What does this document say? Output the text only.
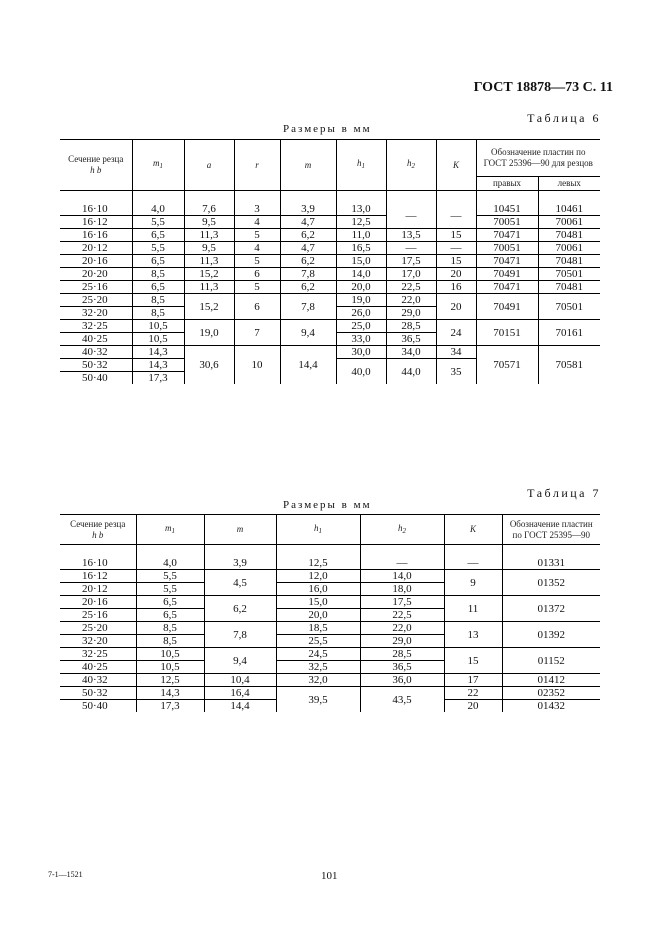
ГОСТ 18878—73 С. 11
Таблица 6
Размеры в мм
Сечение резца
h b	$m_1$	a	r	m	$h_1$	$h_2$	K	Обозначение пластин по ГОСТ 25396—90 для резцов	
								правых	левых

16·10	4,0	7,6	3	3,9	13,0	—	—	10451	10461
16·12	5,5	9,5	4	4,7	12,5			70051	70061
16·16	6,5	11,3	5	6,2	11,0	13,5	15	70471	70481
20·12	5,5	9,5	4	4,7	16,5	—	—	70051	70061
20·16	6,5	11,3	5	6,2	15,0	17,5	15	70471	70481
20·20	8,5	15,2	6	7,8	14,0	17,0	20	70491	70501
25·16	6,5	11,3	5	6,2	20,0	22,5	16	70471	70481
25·20	8,5	15,2	6	7,8	19,0	22,0	20	70491	70501
32·20	8,5				26,0	29,0			
32·25	10,5	19,0	7	9,4	25,0	28,5	24	70151	70161
40·25	10,5				33,0	36,5			
40·32	14,3	30,6	10	14,4	30,0	34,0	34	70571	70581
50·32	14,3				40,0	44,0	35		
50·40	17,3								
Таблица 7
Размеры в мм
Сечение резца
h b	$m_1$	m	$h_1$	$h_2$	K	Обозначение пластин по ГОСТ 25395—90

16·10	4,0	3,9	12,5	—	—	01331
16·12	5,5	4,5	12,0	14,0	9	01352
20·12	5,5		16,0	18,0		
20·16	6,5	6,2	15,0	17,5	11	01372
25·16	6,5		20,0	22,5		
25·20	8,5	7,8	18,5	22,0	13	01392
32·20	8,5		25,5	29,0		
32·25	10,5	9,4	24,5	28,5	15	01152
40·25	10,5		32,5	36,5		
40·32	12,5	10,4	32,0	36,0	17	01412
50·32	14,3	16,4	39,5	43,5	22	02352
50·40	17,3	14,4			20	01432
7-1—1521	101
